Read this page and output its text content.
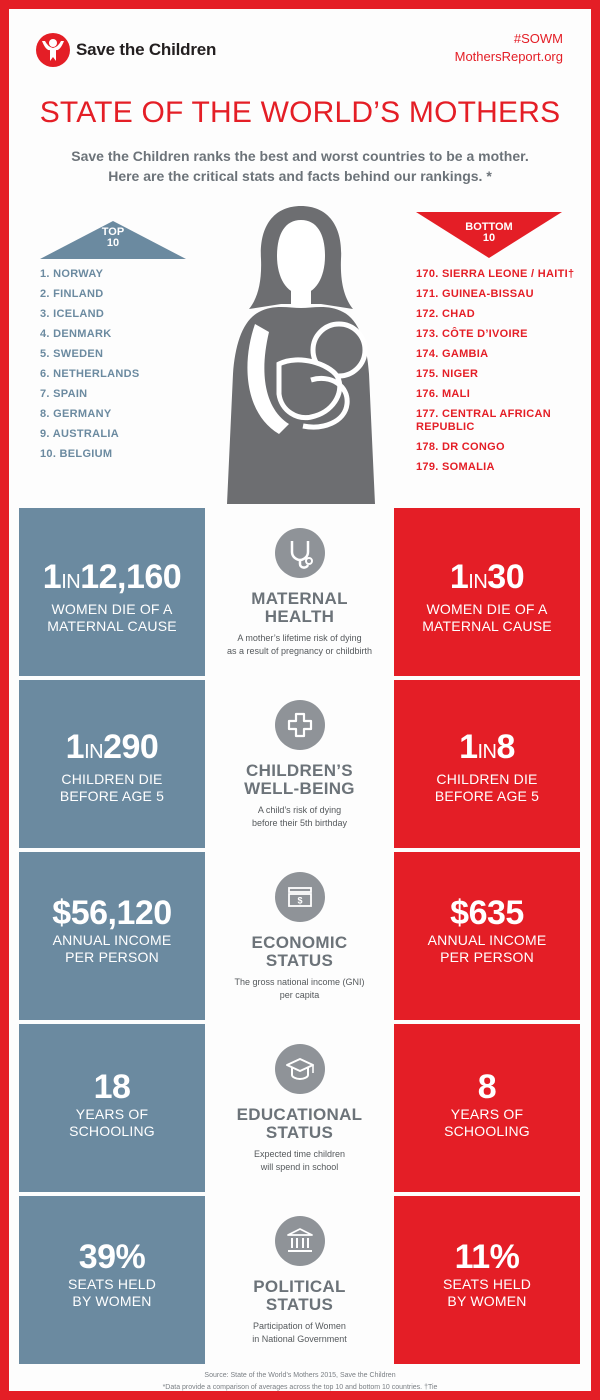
Save the Children
#SOWM
MothersReport.org
STATE OF THE WORLD’S MOTHERS
Save the Children ranks the best and worst countries to be a mother.
Here are the critical stats and facts behind our rankings. *
TOP
10
1. NORWAY
2. FINLAND
3. ICELAND
4. DENMARK
5. SWEDEN
6. NETHERLANDS
7. SPAIN
8. GERMANY
9. AUSTRALIA
10. BELGIUM
BOTTOM
10
170. SIERRA LEONE / HAITI†
171. GUINEA-BISSAU
172. CHAD
173. CÔTE D’IVOIRE
174. GAMBIA
175. NIGER
176. MALI
177. CENTRAL AFRICAN REPUBLIC
178. DR CONGO
179. SOMALIA
1IN12,160
WOMEN DIE OF A
MATERNAL CAUSE
MATERNAL
HEALTH
A mother’s lifetime risk of dying
as a result of pregnancy or childbirth
1IN30
WOMEN DIE OF A
MATERNAL CAUSE
1IN290
CHILDREN DIE
BEFORE AGE 5
CHILDREN’S
WELL-BEING
A child’s risk of dying
before their 5th birthday
1IN8
CHILDREN DIE
BEFORE AGE 5
$56,120
ANNUAL INCOME
PER PERSON
$
ECONOMIC
STATUS
The gross national income (GNI)
per capita
$635
ANNUAL INCOME
PER PERSON
18
YEARS OF
SCHOOLING
EDUCATIONAL
STATUS
Expected time children
will spend in school
8
YEARS OF
SCHOOLING
39%
SEATS HELD
BY WOMEN
POLITICAL
STATUS
Participation of Women
in National Government
11%
SEATS HELD
BY WOMEN
Source: State of the World’s Mothers 2015, Save the Children
*Data provide a comparison of averages across the top 10 and bottom 10 countries. †Tie
